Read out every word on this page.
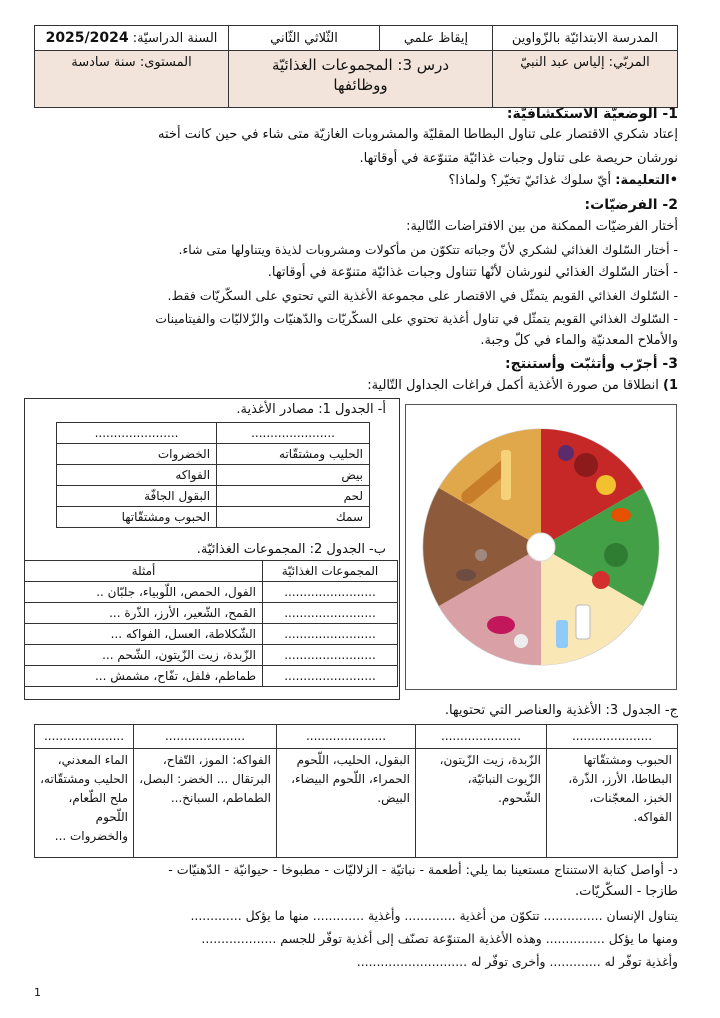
المدرسة الابتدائيّة بالزّواوين	إيقاظ علمي	الثّلاثي الثّاني	السنة الدراسيّة: 2025/2024
المربّي: إلياس عبد النبيّ	درس 3: المجموعات الغذائيّة
ووظائفها		المستوى: سنة سادسة
1- الوضعيّة الاستكشافيّة:
إعتاد شكري الاقتصار على تناول البطاطا المقليّة والمشروبات الغازيّة متى شاء في حين كانت أخته
نورشان حريصة على تناول وجبات غذائيّة متنوّعة في أوقاتها.
•التعليمة: أيّ سلوك غذائيّ تخيّر؟ ولماذا؟
2- الفرضيّات:
أختار الفرضيّات الممكنة من بين الافتراضات التّالية:
- أختار السّلوك الغذائي لشكري لأنّ وجباته تتكوّن من مأكولات ومشروبات لذيذة ويتناولها متى شاء.
- أختار السّلوك الغذائي لنورشان لأنّها تتناول وجبات غذائيّة متنوّعة في أوقاتها.
- السّلوك الغذائي القويم يتمثّل في الاقتصار على مجموعة الأغذية التي تحتوي على السكّريّات فقط.
- السّلوك الغذائي القويم يتمثّل في تناول أغذية تحتوي على السكّريّات والدّهنيّات والزّلاليّات والفيتامينات
والأملاح المعدنيّة والماء في كلّ وجبة.
3- أجرّب وأتثبّت وأستنتج:
1) انطلاقا من صورة الأغذية أكمل فراغات الجداول التّالية:
أ- الجدول 1: مصادر الأغذية.
......................	......................
الحليب ومشتقّاته	الخضروات
بيض	الفواكه
لحم	البقول الجافّة
سمك	الحبوب ومشتقّاتها
ب- الجدول 2: المجموعات الغذائيّة.
المجموعات الغذائيّة	أمثلة
........................	الفول، الحمص، اللّوبياء، جلبّان ..
........................	القمح، الشّعير، الأرز، الذّرة ...
........................	الشّكلاطة، العسل، الفواكه ...
........................	الزّبدة، زيت الزّيتون، الشّحم ...
........................	طماطم، فلفل، تفّاح، مشمش ...
ج- الجدول 3: الأغذية والعناصر التي تحتويها.
.....................	.....................	.....................	.....................	.....................
الحبوب ومشتقّاتها البطاطا، الأرز، الذّرة، الخبز، المعجّنات، الفواكه.	الزّبدة، زيت الزّيتون، الزّيوت النباتيّة، الشّحوم.	البقول، الحليب، اللّحوم الحمراء، اللّحوم البيضاء، البيض.	الفواكه: الموز، التّفاح، البرتقال ... الخضر: البصل، الطماطم، السبانخ...	الماء المعدني، الحليب ومشتقّاته، ملح الطّعام، اللّحوم والخضروات ...
د- أواصل كتابة الاستنتاج مستعينا بما يلي: أطعمة - نباتيّة - الزلاليّات - مطبوخا - حيوانيّة - الدّهنيّات -
طازجا - السكّريّات.
يتناول الإنسان ............... تتكوّن من أغذية ............. وأغذية ............. منها ما يؤكل .............
ومنها ما يؤكل ............... وهذه الأغذية المتنوّعة تصنّف إلى أغذية توفّر للجسم ...................
وأغذية توفّر له ............. وأخرى توفّر له ............................
1
